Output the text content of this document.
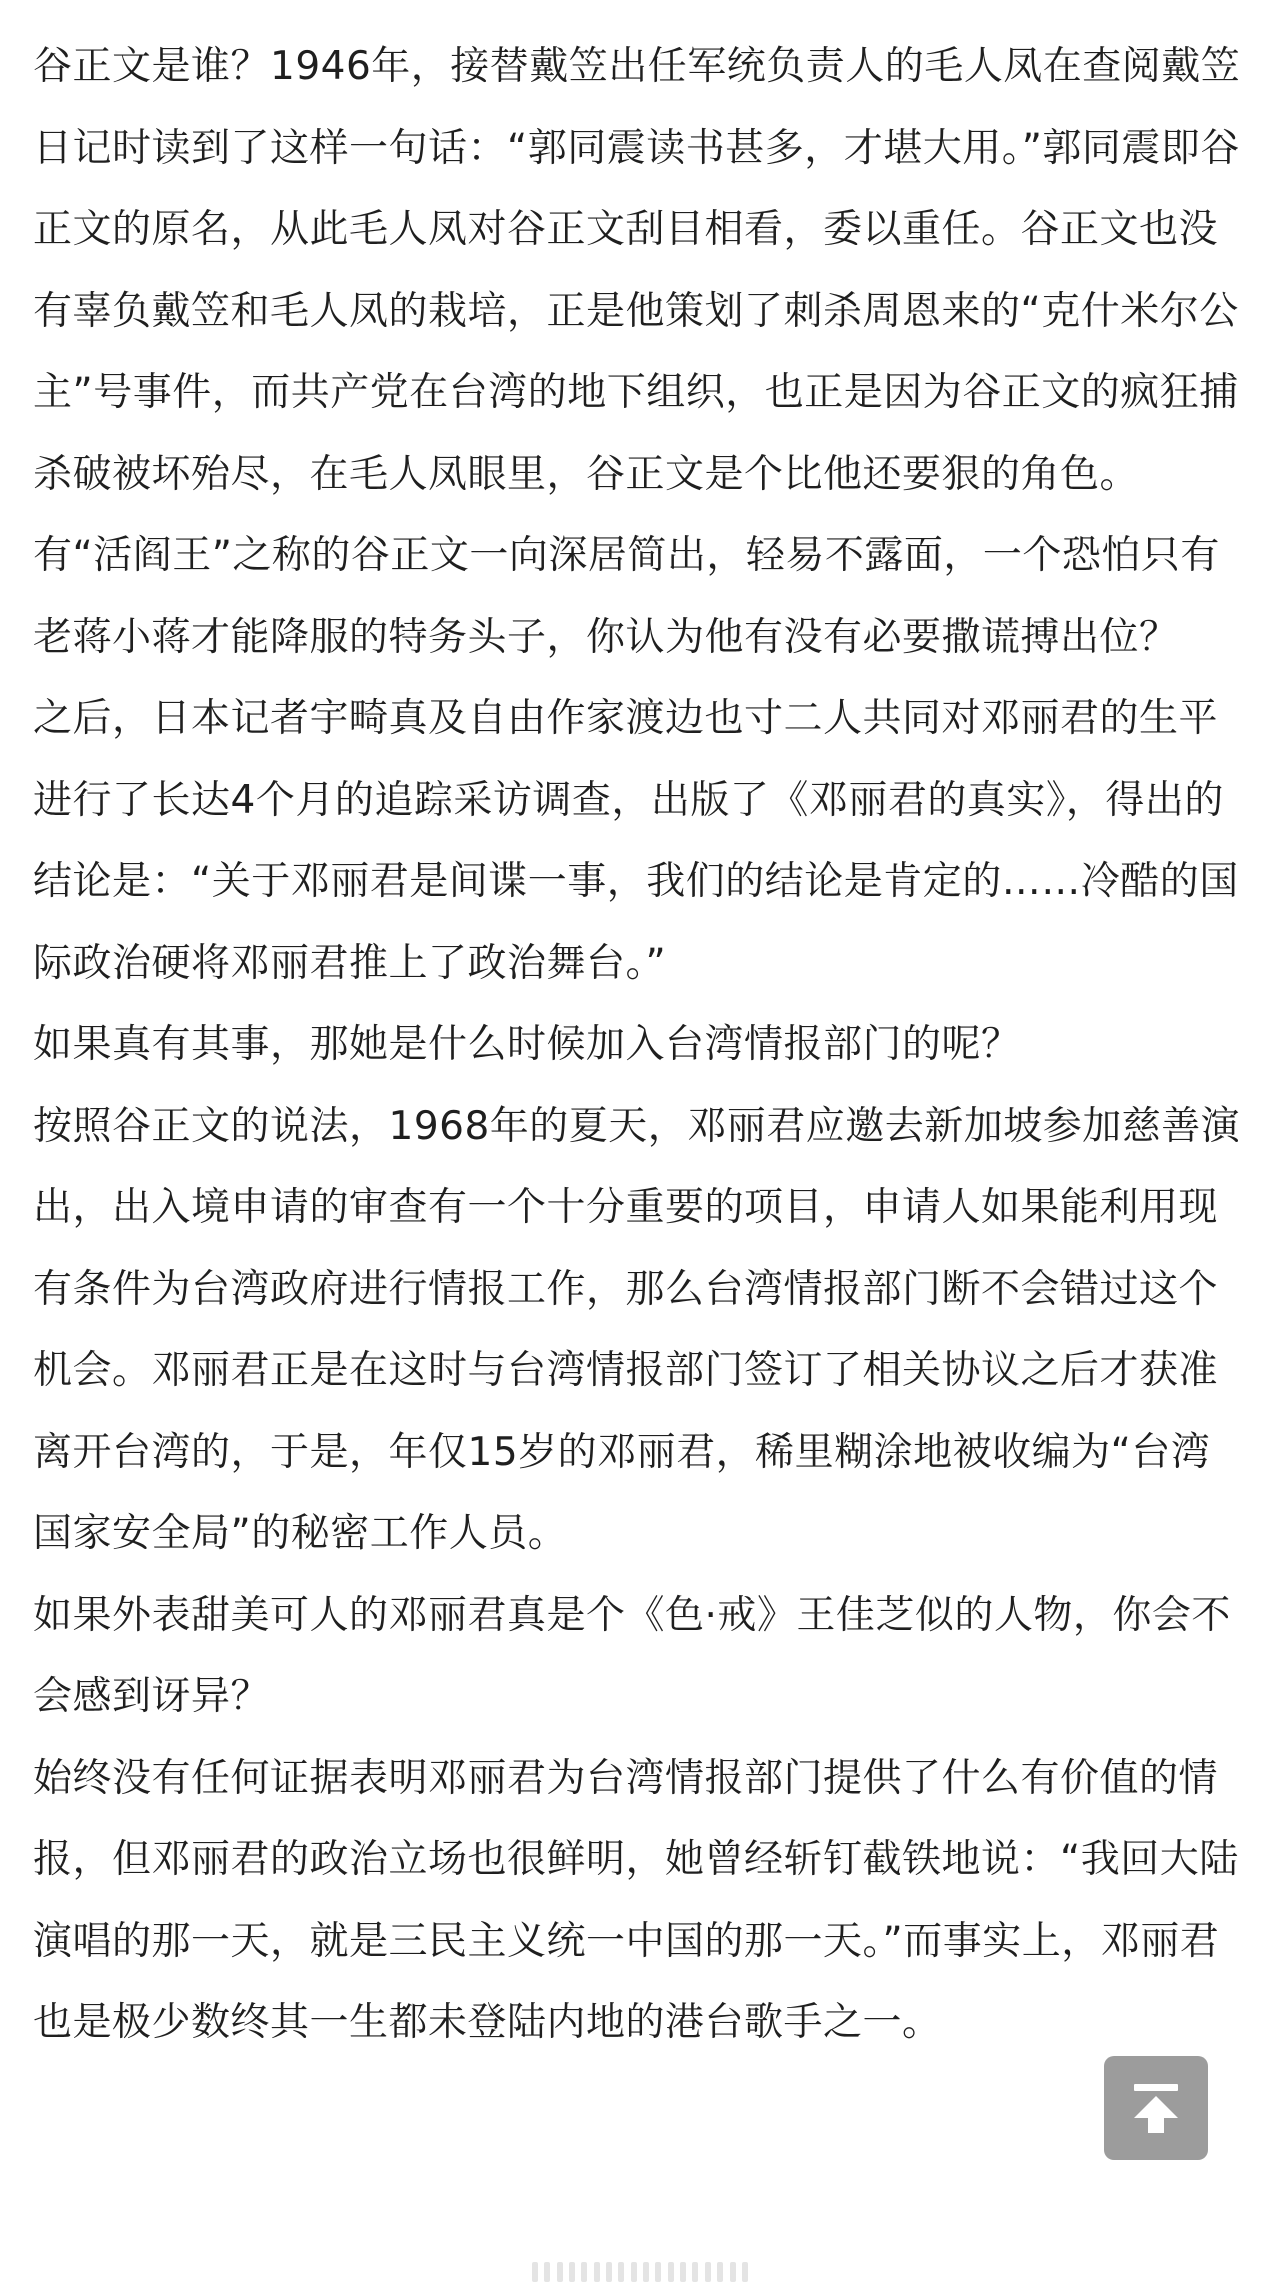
谷正文是谁？1946年，接替戴笠出任军统负责人的毛人凤在查阅戴笠日记时读到了这样一句话：“郭同震读书甚多，才堪大用。”郭同震即谷正文的原名，从此毛人凤对谷正文刮目相看，委以重任。谷正文也没有辜负戴笠和毛人凤的栽培，正是他策划了刺杀周恩来的“克什米尔公主”号事件，而共产党在台湾的地下组织，也正是因为谷正文的疯狂捕杀破被坏殆尽，在毛人凤眼里，谷正文是个比他还要狠的角色。

有“活阎王”之称的谷正文一向深居简出，轻易不露面，一个恐怕只有老蒋小蒋才能降服的特务头子，你认为他有没有必要撒谎搏出位？

之后，日本记者宇畸真及自由作家渡边也寸二人共同对邓丽君的生平进行了长达4个月的追踪采访调查，出版了《邓丽君的真实》，得出的结论是：“关于邓丽君是间谍一事，我们的结论是肯定的……冷酷的国际政治硬将邓丽君推上了政治舞台。”

如果真有其事，那她是什么时候加入台湾情报部门的呢？

按照谷正文的说法，1968年的夏天，邓丽君应邀去新加坡参加慈善演出，出入境申请的审查有一个十分重要的项目，申请人如果能利用现有条件为台湾政府进行情报工作，那么台湾情报部门断不会错过这个机会。邓丽君正是在这时与台湾情报部门签订了相关协议之后才获准离开台湾的，于是，年仅15岁的邓丽君，稀里糊涂地被收编为“台湾国家安全局”的秘密工作人员。

如果外表甜美可人的邓丽君真是个《色·戒》王佳芝似的人物，你会不会感到讶异？

始终没有任何证据表明邓丽君为台湾情报部门提供了什么有价值的情报，但邓丽君的政治立场也很鲜明，她曾经斩钉截铁地说：“我回大陆演唱的那一天，就是三民主义统一中国的那一天。”而事实上，邓丽君也是极少数终其一生都未登陆内地的港台歌手之一。
